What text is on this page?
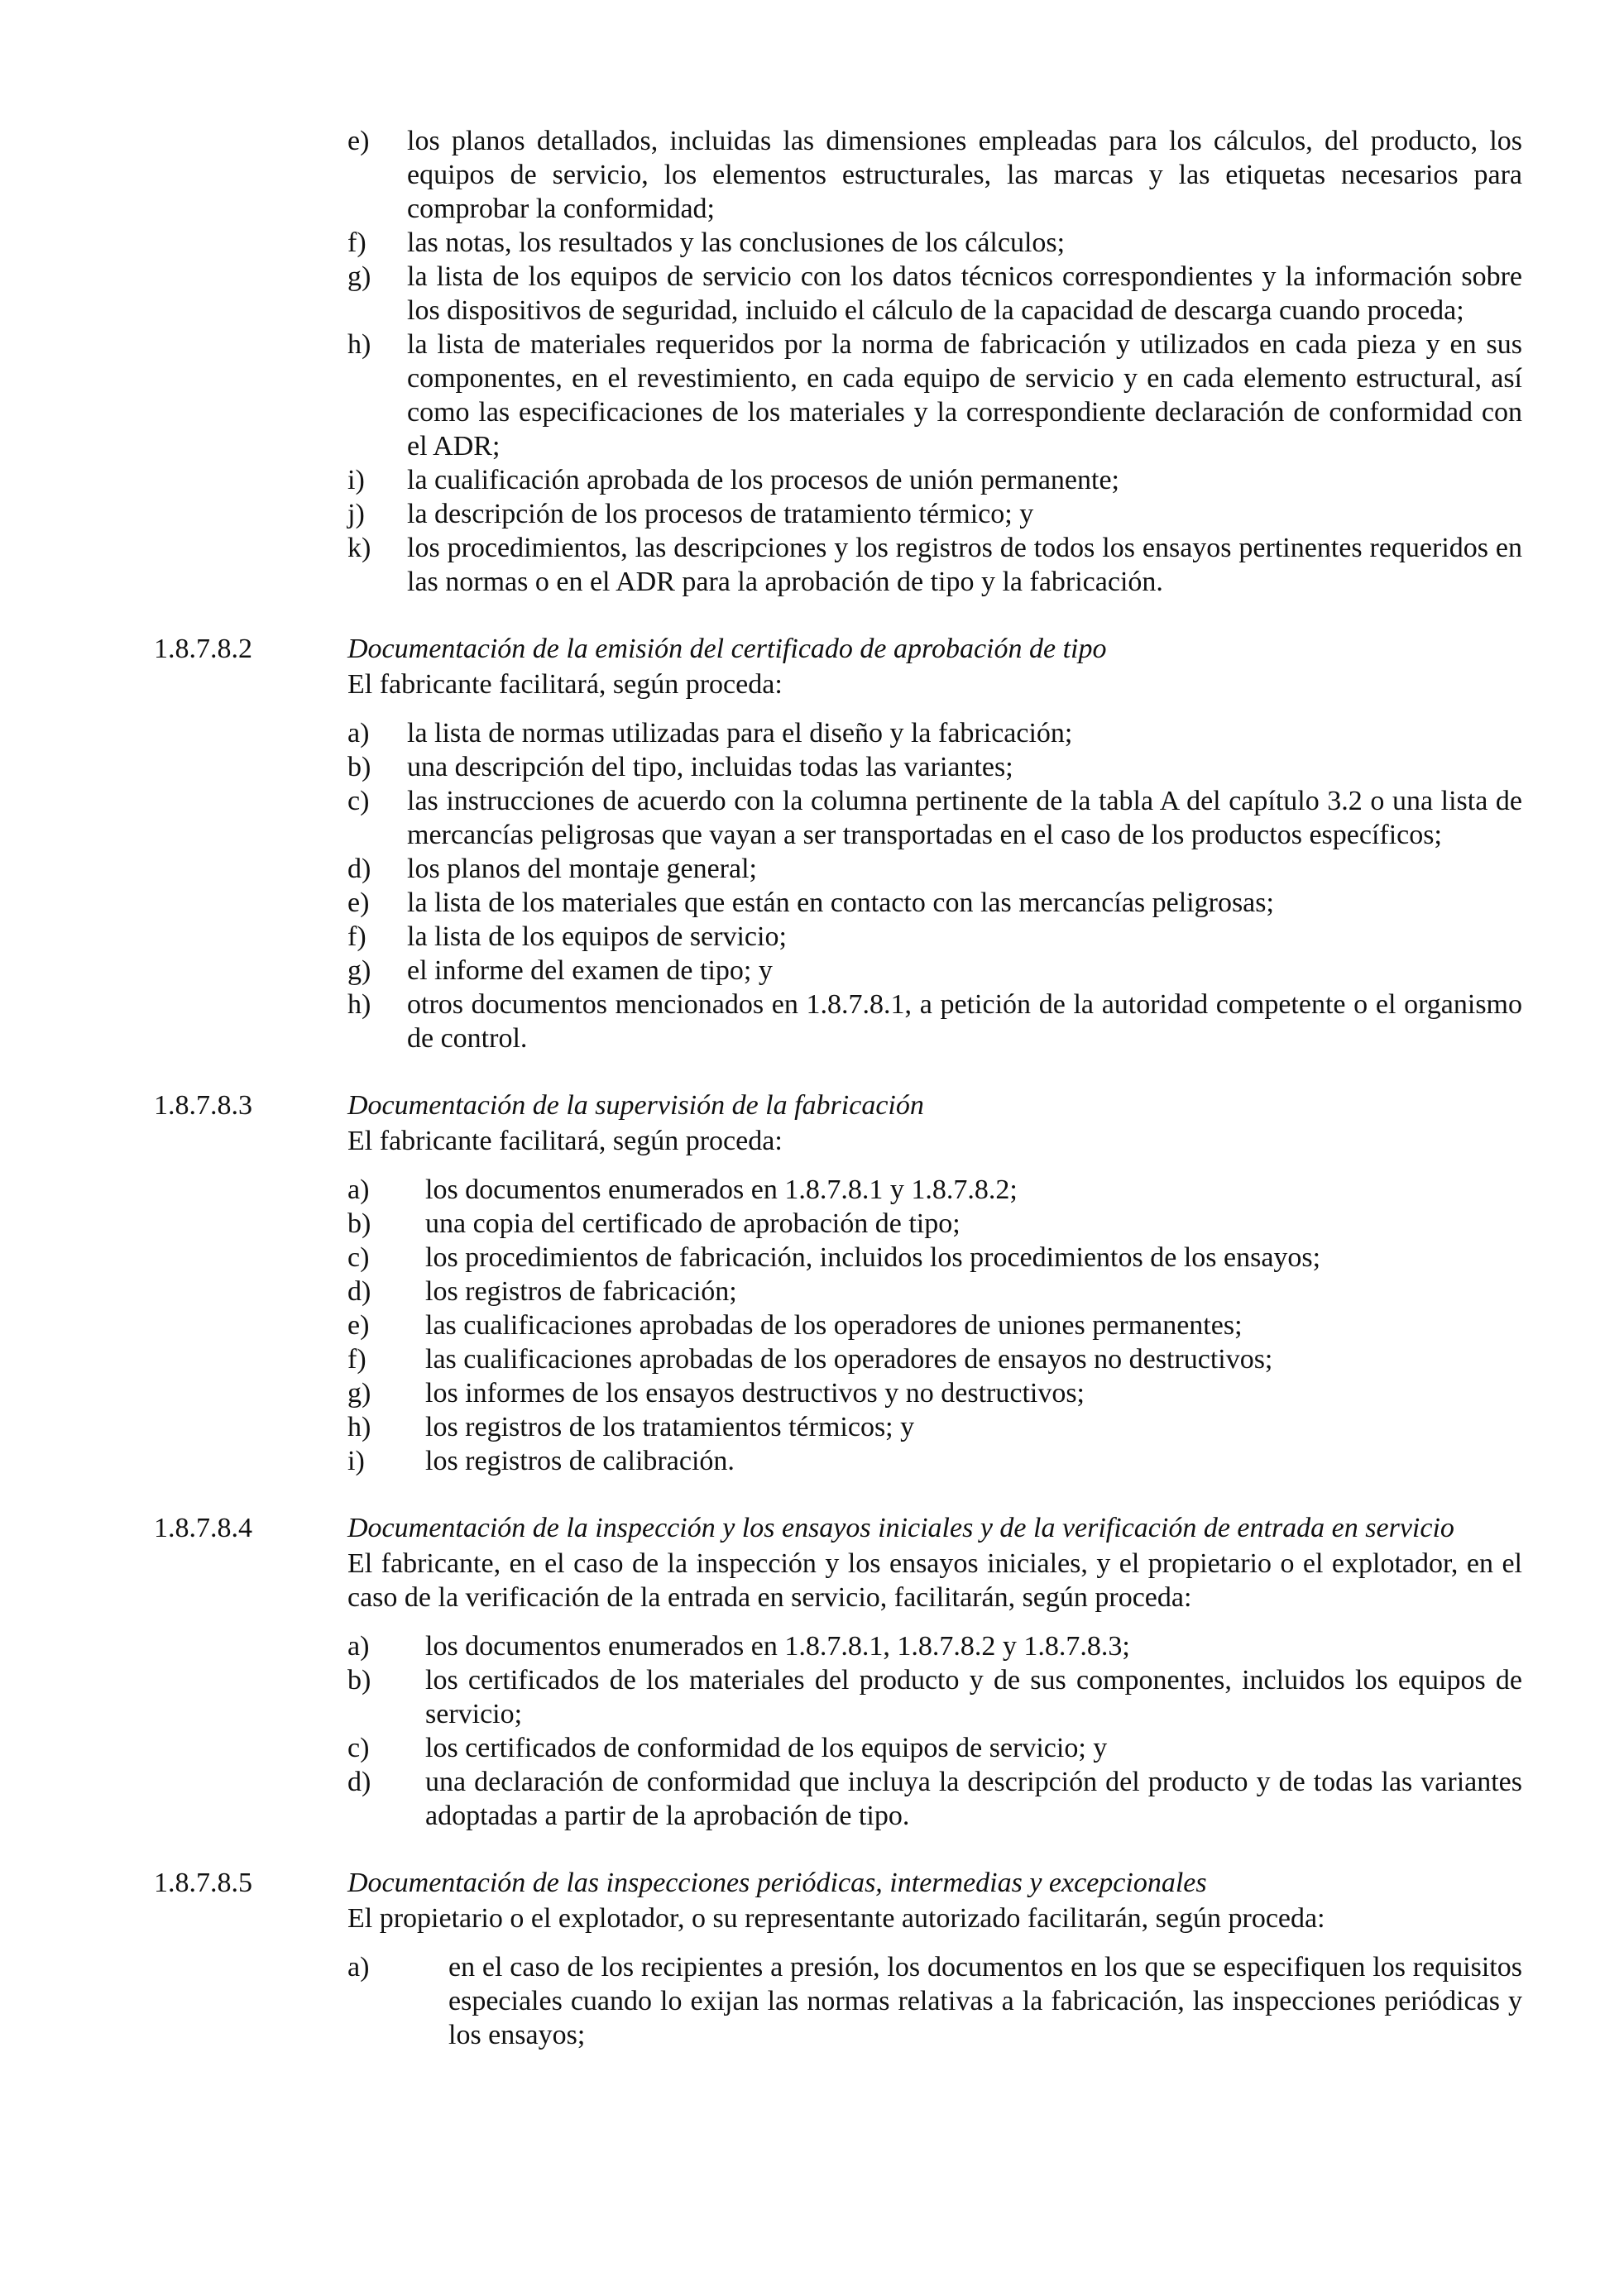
e) los planos detallados, incluidas las dimensiones empleadas para los cálculos, del producto, los equipos de servicio, los elementos estructurales, las marcas y las etiquetas necesarios para comprobar la conformidad;
f) las notas, los resultados y las conclusiones de los cálculos;
g) la lista de los equipos de servicio con los datos técnicos correspondientes y la información sobre los dispositivos de seguridad, incluido el cálculo de la capacidad de descarga cuando proceda;
h) la lista de materiales requeridos por la norma de fabricación y utilizados en cada pieza y en sus componentes, en el revestimiento, en cada equipo de servicio y en cada elemento estructural, así como las especificaciones de los materiales y la correspondiente declaración de conformidad con el ADR;
i) la cualificación aprobada de los procesos de unión permanente;
j) la descripción de los procesos de tratamiento térmico; y
k) los procedimientos, las descripciones y los registros de todos los ensayos pertinentes requeridos en las normas o en el ADR para la aprobación de tipo y la fabricación.
1.8.7.8.2	Documentación de la emisión del certificado de aprobación de tipo
El fabricante facilitará, según proceda:
a) la lista de normas utilizadas para el diseño y la fabricación;
b) una descripción del tipo, incluidas todas las variantes;
c) las instrucciones de acuerdo con la columna pertinente de la tabla A del capítulo 3.2 o una lista de mercancías peligrosas que vayan a ser transportadas en el caso de los productos específicos;
d) los planos del montaje general;
e) la lista de los materiales que están en contacto con las mercancías peligrosas;
f) la lista de los equipos de servicio;
g) el informe del examen de tipo; y
h) otros documentos mencionados en 1.8.7.8.1, a petición de la autoridad competente o el organismo de control.
1.8.7.8.3	Documentación de la supervisión de la fabricación
El fabricante facilitará, según proceda:
a) los documentos enumerados en 1.8.7.8.1 y 1.8.7.8.2;
b) una copia del certificado de aprobación de tipo;
c) los procedimientos de fabricación, incluidos los procedimientos de los ensayos;
d) los registros de fabricación;
e) las cualificaciones aprobadas de los operadores de uniones permanentes;
f) las cualificaciones aprobadas de los operadores de ensayos no destructivos;
g) los informes de los ensayos destructivos y no destructivos;
h) los registros de los tratamientos térmicos; y
i) los registros de calibración.
1.8.7.8.4	Documentación de la inspección y los ensayos iniciales y de la verificación de entrada en servicio
El fabricante, en el caso de la inspección y los ensayos iniciales, y el propietario o el explotador, en el caso de la verificación de la entrada en servicio, facilitarán, según proceda:
a) los documentos enumerados en 1.8.7.8.1, 1.8.7.8.2 y 1.8.7.8.3;
b) los certificados de los materiales del producto y de sus componentes, incluidos los equipos de servicio;
c) los certificados de conformidad de los equipos de servicio; y
d) una declaración de conformidad que incluya la descripción del producto y de todas las variantes adoptadas a partir de la aprobación de tipo.
1.8.7.8.5	Documentación de las inspecciones periódicas, intermedias y excepcionales
El propietario o el explotador, o su representante autorizado facilitarán, según proceda:
a)	en el caso de los recipientes a presión, los documentos en los que se especifiquen los requisitos especiales cuando lo exijan las normas relativas a la fabricación, las inspecciones periódicas y los ensayos;
